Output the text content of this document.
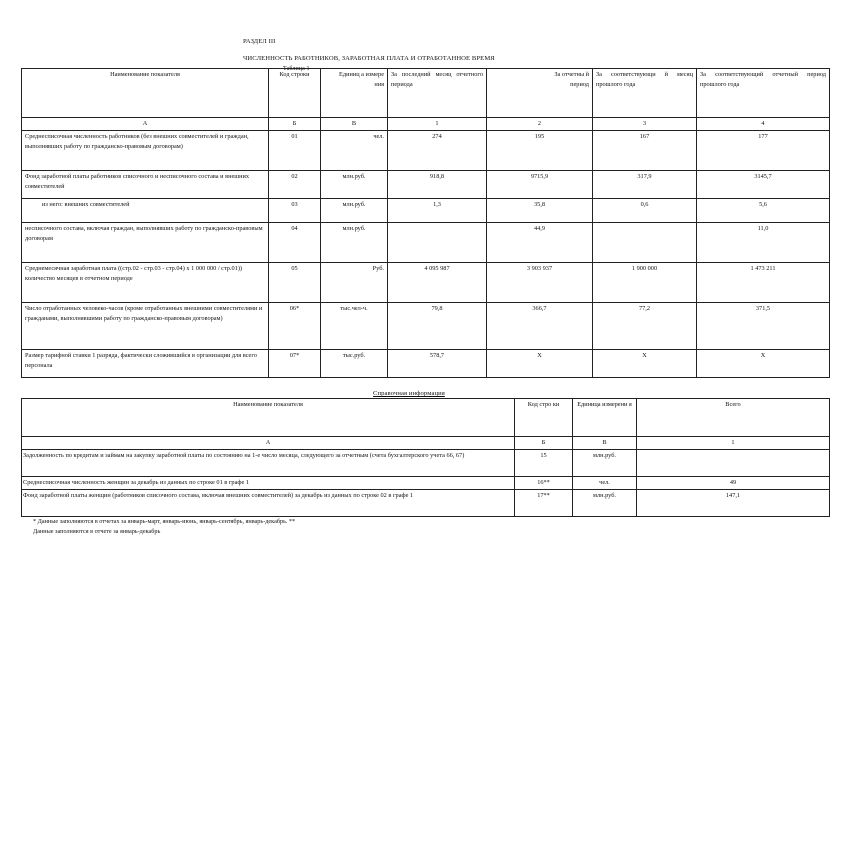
РАЗДЕЛ III
ЧИСЛЕННОСТЬ РАБОТНИКОВ, ЗАРАБОТНАЯ ПЛАТА И ОТРАБОТАННОЕ ВРЕМЯ
Таблица 1
Наименование показателя	Код строки	Единиц а измере ния	За последний месяц отчетного периода	За отчетны й период	За соответствующи й месяц прошлого года	За соответствующий отчетный период прошлого года
А	Б	В	1	2	3	4
Среднесписочная численность работников (без внешних совместителей и граждан, выполнявших работу по гражданско-правовым договорам)	01	чел.	274	195	167	177
Фонд заработной платы работников списочного и несписочного состава и внешних совместителей	02	млн.руб.	918,8	9715,9	317,9	3145,7
из него: внешних совместителей	03	млн.руб.	1,3	35,8	0,6	5,6
несписочного состава, включая граждан, выполнявших работу по гражданско-правовым договорам	04	млн.руб.		44,9		11,0
Среднемесячная заработная плата ((стр.02 - стр.03 - стр.04) x 1 000 000 / стр.01)) количество месяцев в отчетном периоде	05	Руб.	4 095 987	3 903 937	1 900 000	1 473 211
Число отработанных человеко-часов (кроме отработанных внешними совместителями и гражданами, выполнявшими работу по гражданско-правовым договорам)	06*	тыс.чел-ч.	79,8	366,7	77,2	371,5
Размер тарифной ставки 1 разряда, фактически сложившийся в организации для всего персонала	07*	тыс.руб.	578,7	Х	Х	Х
Справочная информация
Наименование показателя	Код стро ки	Единица измерени я	Всего
А	Б	В	1
Задолженность по кредитам и займам на закупку заработной платы по состоянию на 1-е число месяца, следующего за отчетным (счета бухгалтерского учета 66, 67)	15	млн.руб.	
Среднесписочная численность женщин за декабрь из данных по строке 01 в графе 1	16**	чел.	49
Фонд заработной платы женщин (работников списочного состава, включая внешних совместителей) за декабрь из данных по строке 02 в графе 1	17**	млн.руб.	147,1
* Данные заполняются в отчетах за январь-март, январь-июнь, январь-сентябрь, январь-декабрь. **
Данные заполняются в отчете за январь-декабрь
